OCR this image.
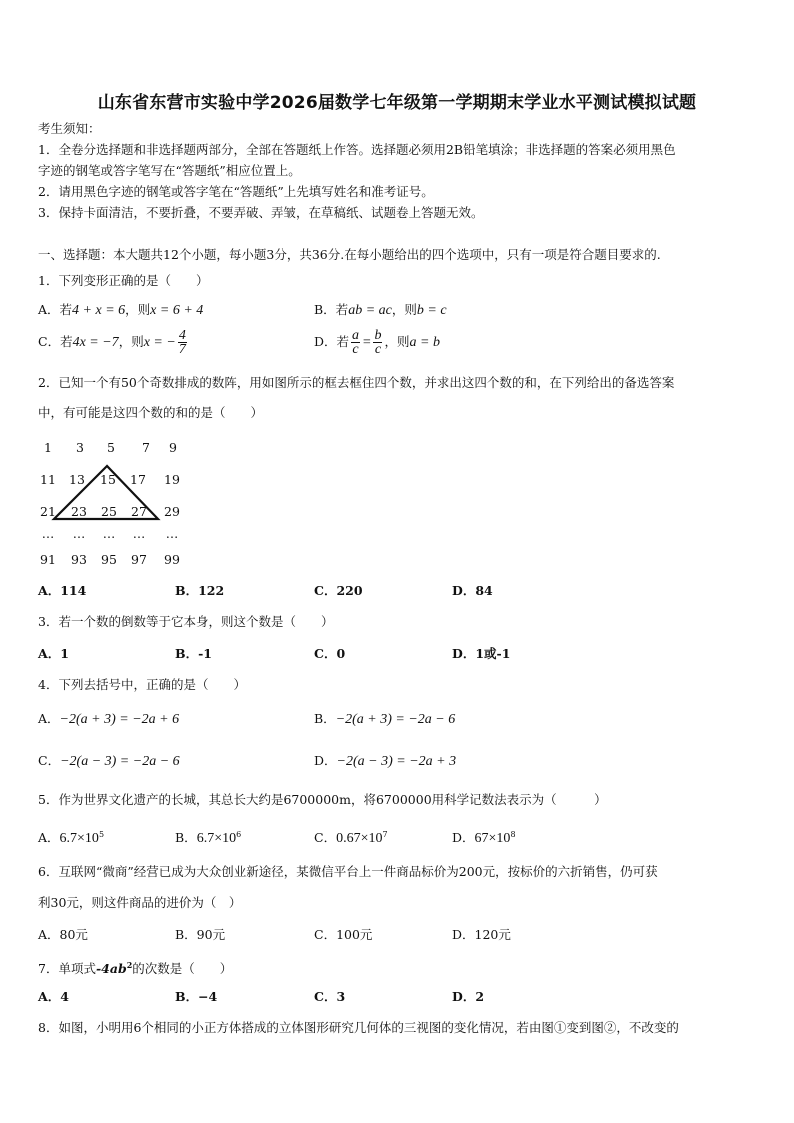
山东省东营市实验中学2026届数学七年级第一学期期末学业水平测试模拟试题
考生须知：
1．全卷分选择题和非选择题两部分，全部在答题纸上作答。选择题必须用2B铅笔填涂；非选择题的答案必须用黑色
字迹的钢笔或答字笔写在“答题纸”相应位置上。
2．请用黑色字迹的钢笔或答字笔在“答题纸”上先填写姓名和准考证号。
3．保持卡面清洁，不要折叠，不要弄破、弄皱，在草稿纸、试题卷上答题无效。
一、选择题：本大题共12个小题，每小题3分，共36分.在每小题给出的四个选项中，只有一项是符合题目要求的.
1．下列变形正确的是（　　）
A．若4 + x = 6，则x = 6 + 4	B．若ab = ac，则b = c
C．若4x = −7，则x = − $\frac{4}{7}$	D．若 $\frac{a}{c} = \frac{b}{c}$ ，则a = b
2．已知一个有50个奇数排成的数阵，用如图所示的框去框住四个数，并求出这四个数的和，在下列给出的备选答案
中，有可能是这四个数的和的是（　　）
1	3	5	7	9
11	13	15	17	19
21	23	25	27	29
…	…	…	…	…
91	93	95	97	99
A．114	B．122	C．220	D．84
3．若一个数的倒数等于它本身，则这个数是（　　）
A．1	B．-1	C．0	D．1或-1
4．下列去括号中，正确的是（　　）
A．−2(a + 3) = −2a + 6	B．−2(a + 3) = −2a − 6
C．−2(a − 3) = −2a − 6	D．−2(a − 3) = −2a + 3
5．作为世界文化遗产的长城，其总长大约是6700000m，将6700000用科学记数法表示为（　　　）
A．$6.7\times 10^5$	B．$6.7\times 10^6$	C．$0.67\times 10^7$	D．$67\times 10^8$
6．互联网“微商”经营已成为大众创业新途径，某微信平台上一件商品标价为200元，按标价的六折销售，仍可获
利30元，则这件商品的进价为（　）
A．80元	B．90元	C．100元	D．120元
7．单项式$-4ab^2$的次数是（　　）
A．4	B．−4	C．3	D．2
8．如图，小明用6个相同的小正方体搭成的立体图形研究几何体的三视图的变化情况，若由图①变到图②，不改变的
